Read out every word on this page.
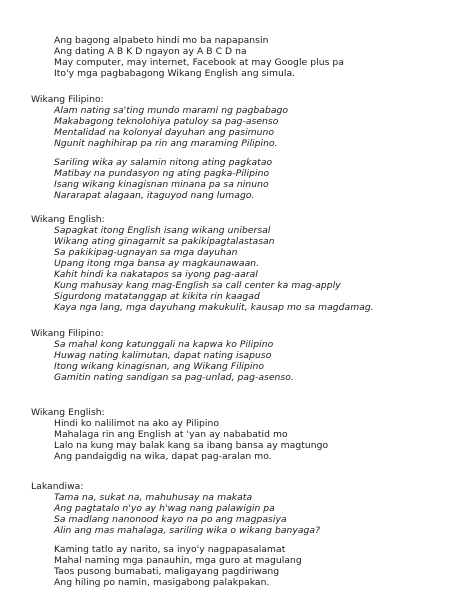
Ang bagong alpabeto hindi mo ba napapansin
Ang dating A B K D ngayon ay A B C D na
May computer, may internet, Facebook at may Google plus pa
Ito'y mga pagbabagong Wikang English ang simula.
Wikang Filipino:
Alam nating sa'ting mundo marami ng pagbabago
Makabagong teknolohiya patuloy sa pag-asenso
Mentalidad na kolonyal dayuhan ang pasimuno
Ngunit naghihirap pa rin ang maraming Pilipino.
Sariling wika ay salamin nitong ating pagkatao
Matibay na pundasyon ng ating pagka-Pilipino
Isang wikang kinagisnan minana pa sa ninuno
Nararapat alagaan, itaguyod nang lumago.
Wikang English:
Sapagkat itong English isang wikang unibersal
Wikang ating ginagamit sa pakikipagtalastasan
Sa pakikipag-ugnayan sa mga dayuhan
Upang itong mga bansa ay magkaunawaan.
Kahit hindi ka nakatapos sa iyong pag-aaral
Kung mahusay kang mag-English sa call center ka mag-apply
Sigurdong matatanggap at kikita rin kaagad
Kaya nga lang, mga dayuhang makukulit, kausap mo sa magdamag.
Wikang Filipino:
Sa mahal kong katunggali na kapwa ko Pilipino
Huwag nating kalimutan, dapat nating isapuso
Itong wikang kinagisnan, ang Wikang Filipino
Gamitin nating sandigan sa pag-unlad, pag-asenso.
Wikang English:
Hindi ko nalilimot na ako ay Pilipino
Mahalaga rin ang English at 'yan ay nababatid mo
Lalo na kung may balak kang sa ibang bansa ay magtungo
Ang pandaigdig na wika, dapat pag-aralan mo.
Lakandiwa:
Tama na, sukat na, mahuhusay na makata
Ang pagtatalo n'yo ay h'wag nang palawigin pa
Sa madlang nanonood kayo na po ang magpasiya
Alin ang mas mahalaga, sariling wika o wikang banyaga?
Kaming tatlo ay narito, sa inyo'y nagpapasalamat
Mahal naming mga panauhin, mga guro at magulang
Taos pusong bumabati, maligayang pagdiriwang
Ang hiling po namin, masigabong palakpakan.
